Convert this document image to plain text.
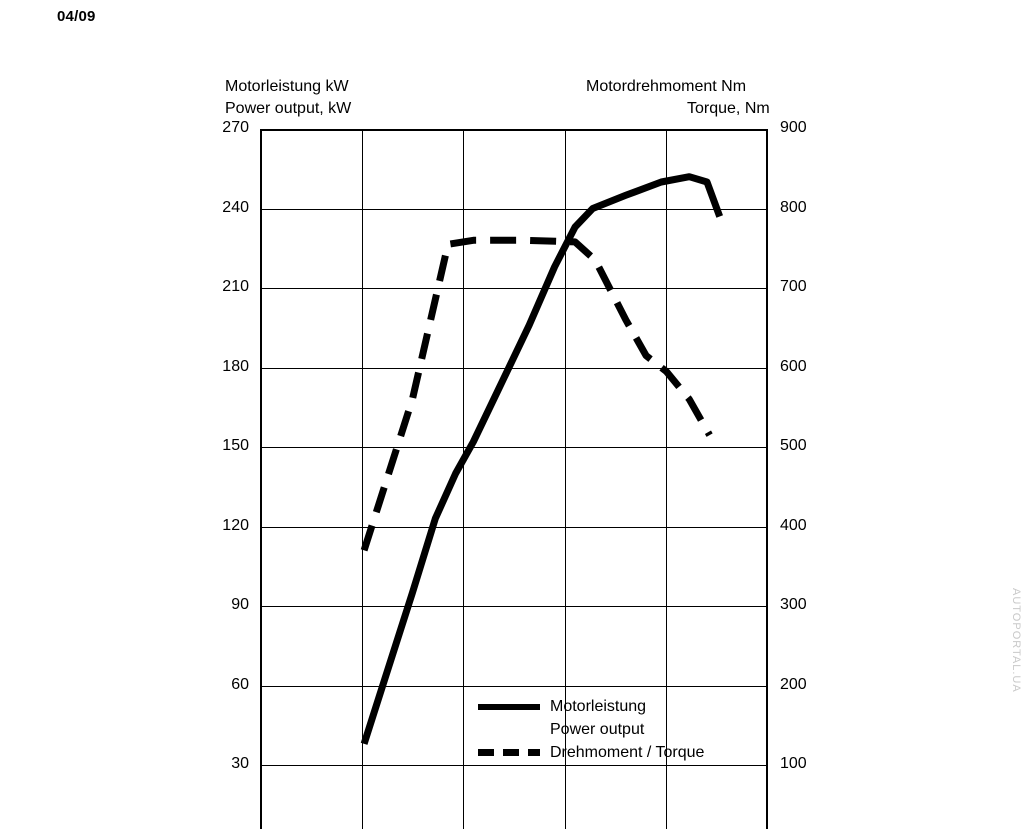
04/09
Motorleistung kW
Power output, kW
Motordrehmoment Nm
Torque, Nm
270
240
210
180
150
120
90
60
30
900
800
700
600
500
400
300
200
100
Motorleistung
Power output
Drehmoment / Torque
AUTOPORTAL.UA
